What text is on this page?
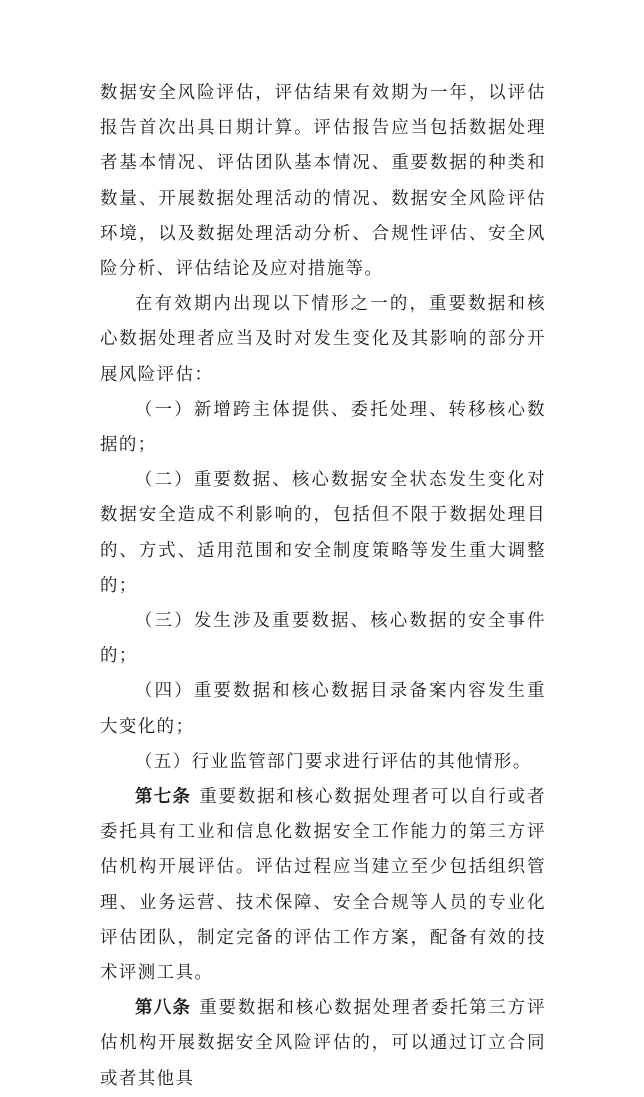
数据安全风险评估，评估结果有效期为一年，以评估报告首次出具日期计算。评估报告应当包括数据处理者基本情况、评估团队基本情况、重要数据的种类和数量、开展数据处理活动的情况、数据安全风险评估环境，以及数据处理活动分析、合规性评估、安全风险分析、评估结论及应对措施等。

在有效期内出现以下情形之一的，重要数据和核心数据处理者应当及时对发生变化及其影响的部分开展风险评估：

（一）新增跨主体提供、委托处理、转移核心数据的；

（二）重要数据、核心数据安全状态发生变化对数据安全造成不利影响的，包括但不限于数据处理目的、方式、适用范围和安全制度策略等发生重大调整的；

（三）发生涉及重要数据、核心数据的安全事件的；

（四）重要数据和核心数据目录备案内容发生重大变化的；

（五）行业监管部门要求进行评估的其他情形。

第七条 重要数据和核心数据处理者可以自行或者委托具有工业和信息化数据安全工作能力的第三方评估机构开展评估。评估过程应当建立至少包括组织管理、业务运营、技术保障、安全合规等人员的专业化评估团队，制定完备的评估工作方案，配备有效的技术评测工具。

第八条 重要数据和核心数据处理者委托第三方评估机构开展数据安全风险评估的，可以通过订立合同或者其他具
